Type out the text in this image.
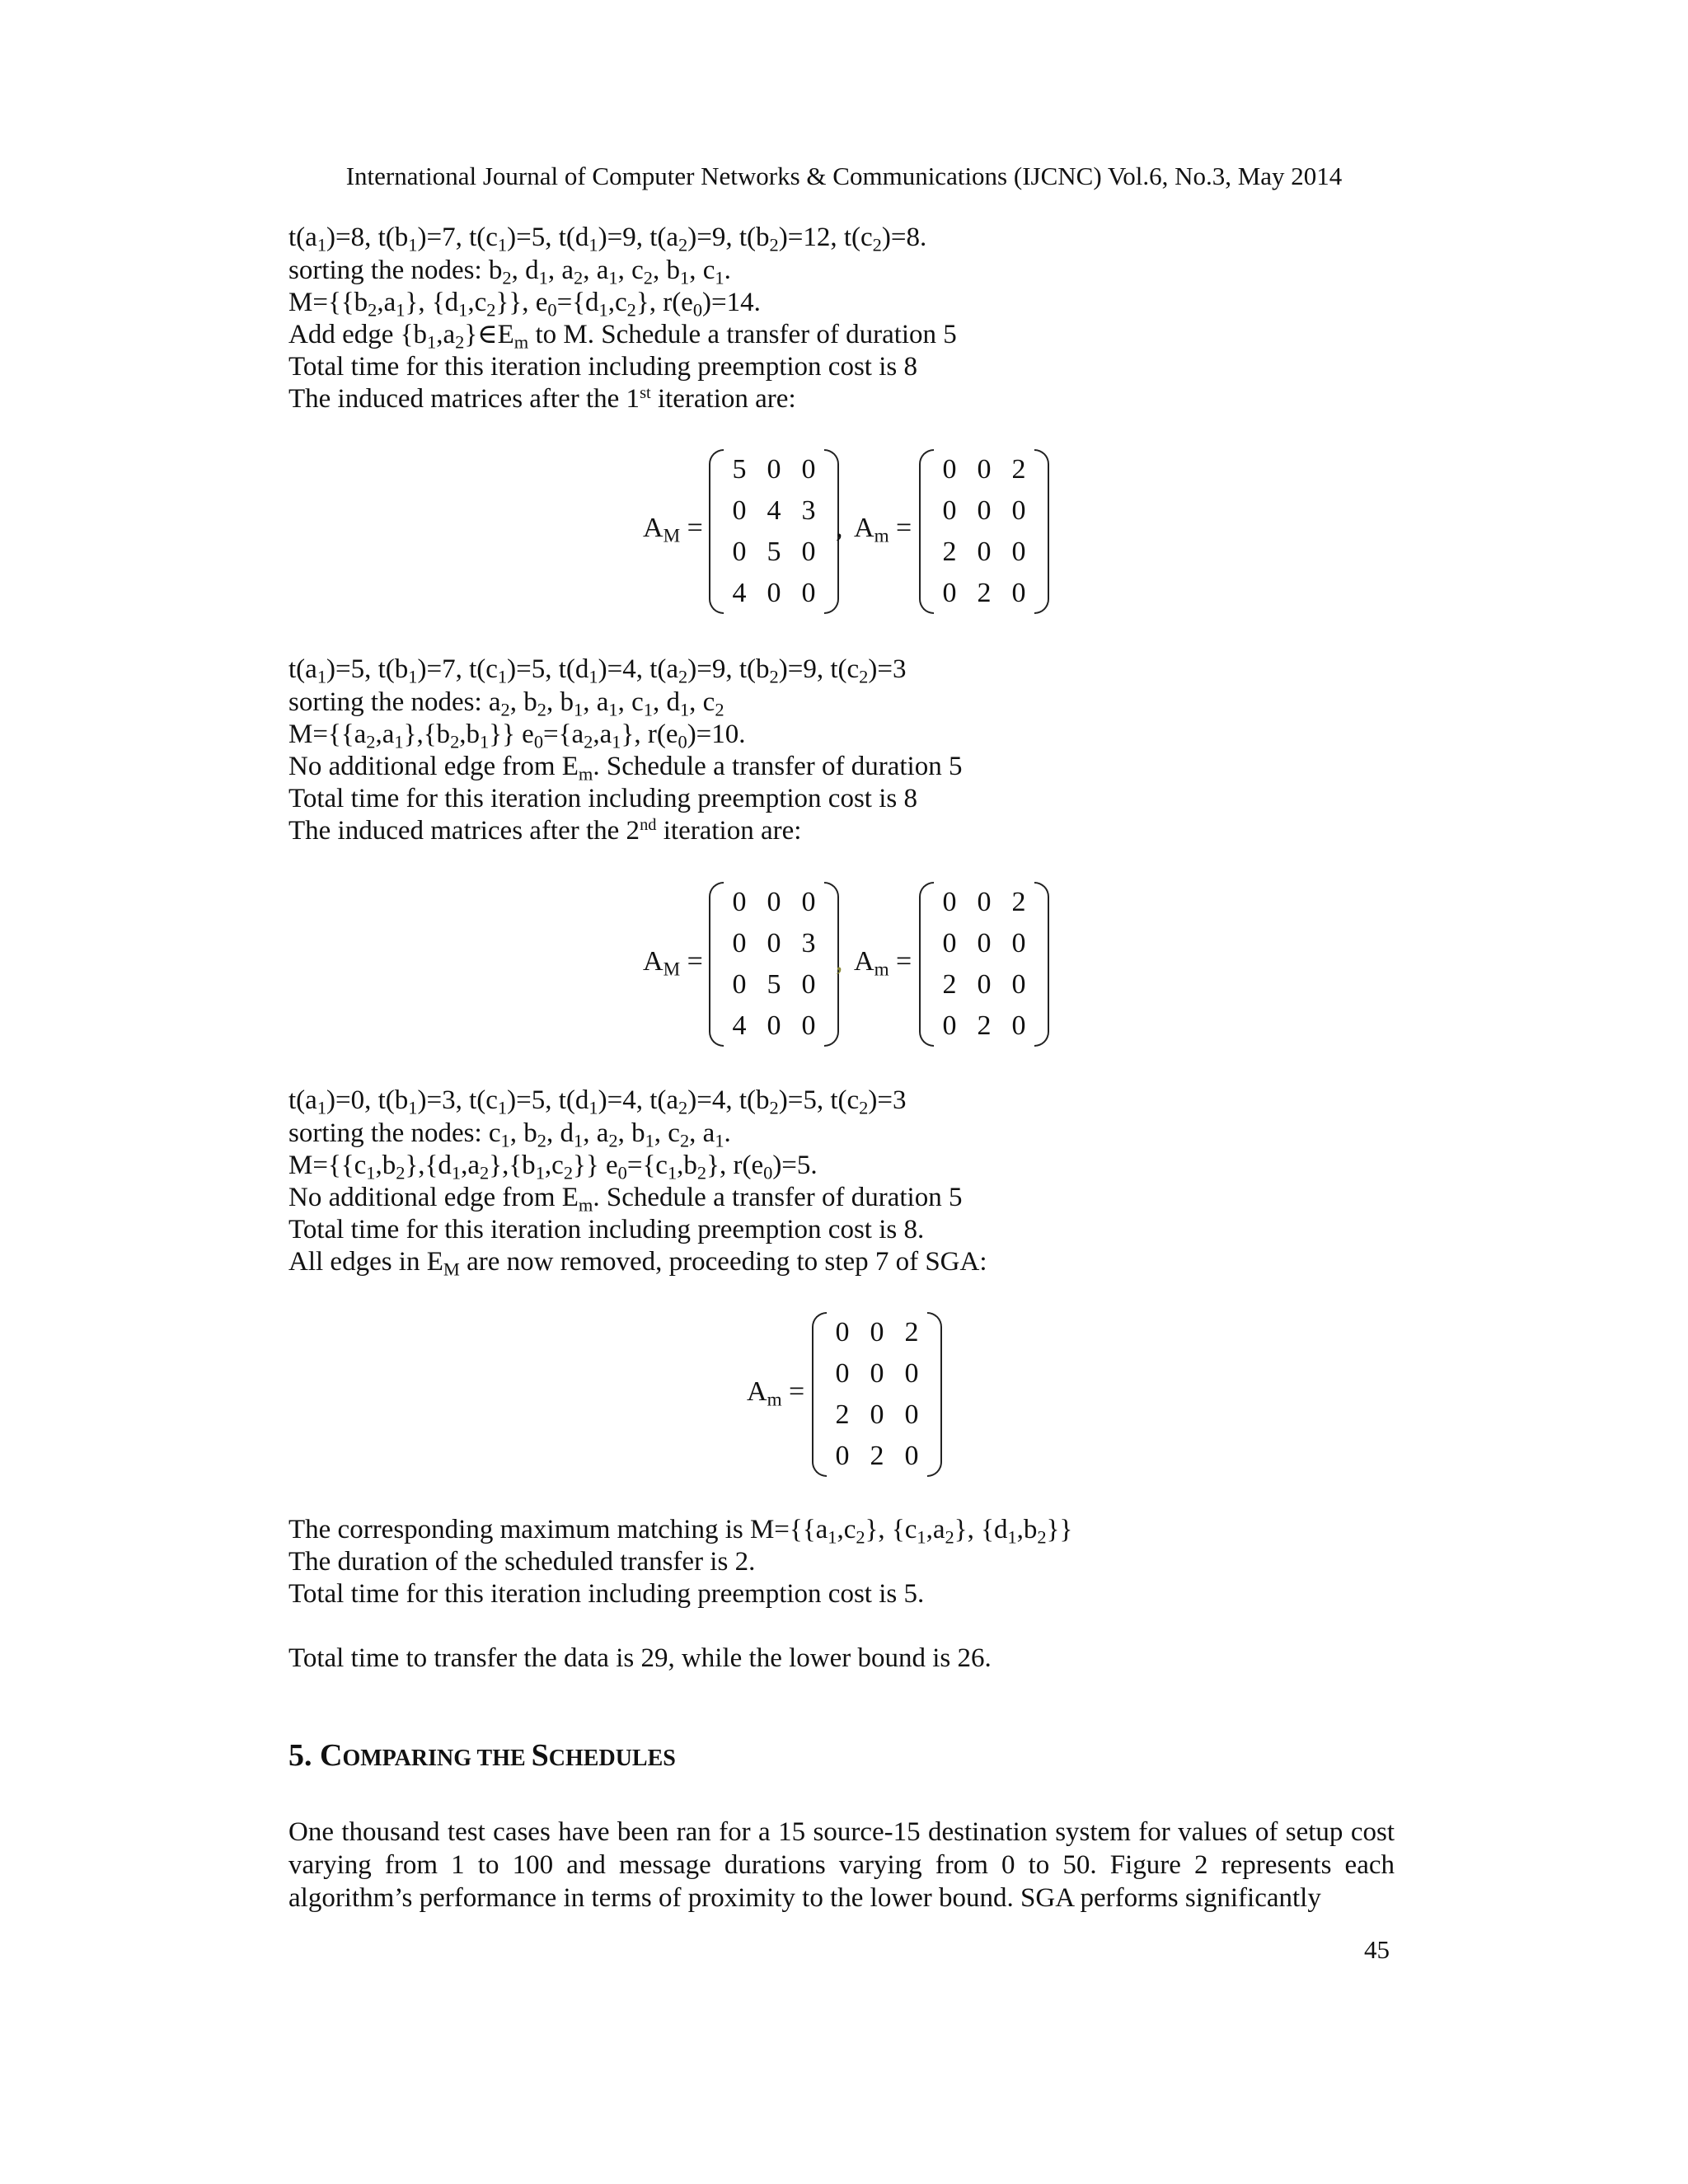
International Journal of Computer Networks & Communications (IJCNC) Vol.6, No.3, May 2014
$t(a_1)=8$, $t(b_1)=7$, $t(c_1)=5$, $t(d_1)=9$, $t(a_2)=9$, $t(b_2)=12$, $t(c_2)=8$.
sorting the nodes: $b_2$, $d_1$, $a_2$, $a_1$, $c_2$, $b_1$, $c_1$.
$M=\{\{b_2,a_1\}$, $\{d_1,c_2\}$}, $e_0=\{d_1,c_2\}$, $r(e_0)=14$.
Add edge $\{b_1,a_2\}\in E_m$ to M. Schedule a transfer of duration 5
Total time for this iteration including preemption cost is 8
The induced matrices after the 1st iteration are:
$A_M$ =
5 0 0
0 4 3
0 5 0
4 0 0
, $A_m$ =
0 0 2
0 0 0
2 0 0
0 2 0
$t(a_1)=5$, $t(b_1)=7$, $t(c_1)=5$, $t(d_1)=4$, $t(a_2)=9$, $t(b_2)=9$, $t(c_2)=3$
sorting the nodes: $a_2$, $b_2$, $b_1$, $a_1$, $c_1$, $d_1$, $c_2$
$M=\{\{a_2,a_1\},\{b_2,b_1\}\}$ $e_0=\{a_2,a_1\}$, $r(e_0)=10$.
No additional edge from $E_m$. Schedule a transfer of duration 5
Total time for this iteration including preemption cost is 8
The induced matrices after the 2nd iteration are:
$A_M$ =
0 0 0
0 0 3
0 5 0
4 0 0
, $A_m$ =
0 0 2
0 0 0
2 0 0
0 2 0
$t(a_1)=0$, $t(b_1)=3$, $t(c_1)=5$, $t(d_1)=4$, $t(a_2)=4$, $t(b_2)=5$, $t(c_2)=3$
sorting the nodes: $c_1$, $b_2$, $d_1$, $a_2$, $b_1$, $c_2$, $a_1$.
$M=\{\{c_1,b_2\},\{d_1,a_2\},\{b_1,c_2\}\}$ $e_0=\{c_1,b_2\}$, $r(e_0)=5$.
No additional edge from $E_m$. Schedule a transfer of duration 5
Total time for this iteration including preemption cost is 8.
All edges in $E_M$ are now removed, proceeding to step 7 of SGA:
$A_m$ =
0 0 2
0 0 0
2 0 0
0 2 0
The corresponding maximum matching is $M=\{\{a_1,c_2\}$, $\{c_1,a_2\}$, $\{d_1,b_2\}$}
The duration of the scheduled transfer is 2.
Total time for this iteration including preemption cost is 5.
Total time to transfer the data is 29, while the lower bound is 26.
5. COMPARING THE SCHEDULES
One thousand test cases have been ran for a 15 source-15 destination system for values of setup cost varying from 1 to 100 and message durations varying from 0 to 50. Figure 2 represents each algorithm’s performance in terms of proximity to the lower bound. SGA performs significantly
45
